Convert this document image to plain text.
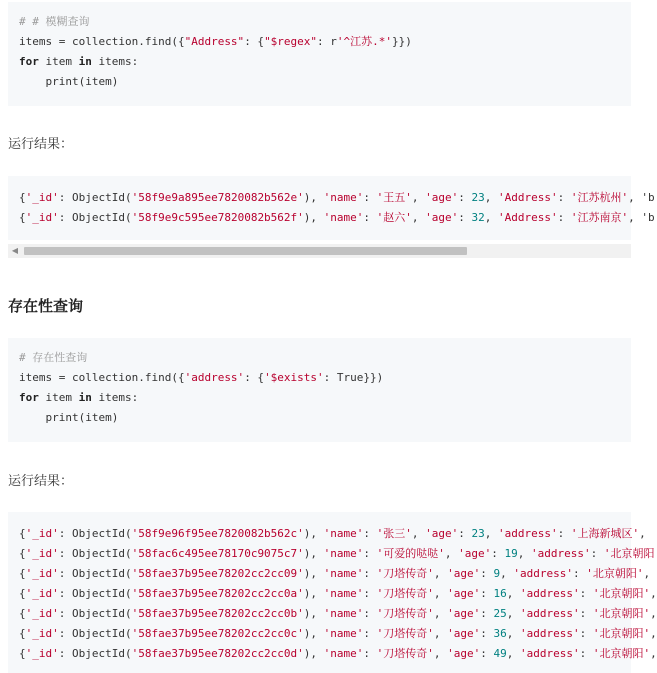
# # 模糊查询
items = collection.find({"Address": {"$regex": r'^江苏.*'}})
for item in items:
print(item)
运行结果：
{'_id': ObjectId('58f9e9a895ee7820082b562e'), 'name': '王五', 'age': 23, 'Address': '江苏杭州', 'b
{'_id': ObjectId('58f9e9c595ee7820082b562f'), 'name': '赵六', 'age': 32, 'Address': '江苏南京', 'b
◀
存在性查询
# 存在性查询
items = collection.find({'address': {'$exists': True}})
for item in items:
print(item)
运行结果：
{'_id': ObjectId('58f9e96f95ee7820082b562c'), 'name': '张三', 'age': 23, 'address': '上海新城区',
{'_id': ObjectId('58fac6c495ee78170c9075c7'), 'name': '可爱的哒哒', 'age': 19, 'address': '北京朝阳
{'_id': ObjectId('58fae37b95ee78202cc2cc09'), 'name': '刀塔传奇', 'age': 9, 'address': '北京朝阳',
{'_id': ObjectId('58fae37b95ee78202cc2cc0a'), 'name': '刀塔传奇', 'age': 16, 'address': '北京朝阳',
{'_id': ObjectId('58fae37b95ee78202cc2cc0b'), 'name': '刀塔传奇', 'age': 25, 'address': '北京朝阳',
{'_id': ObjectId('58fae37b95ee78202cc2cc0c'), 'name': '刀塔传奇', 'age': 36, 'address': '北京朝阳',
{'_id': ObjectId('58fae37b95ee78202cc2cc0d'), 'name': '刀塔传奇', 'age': 49, 'address': '北京朝阳',
